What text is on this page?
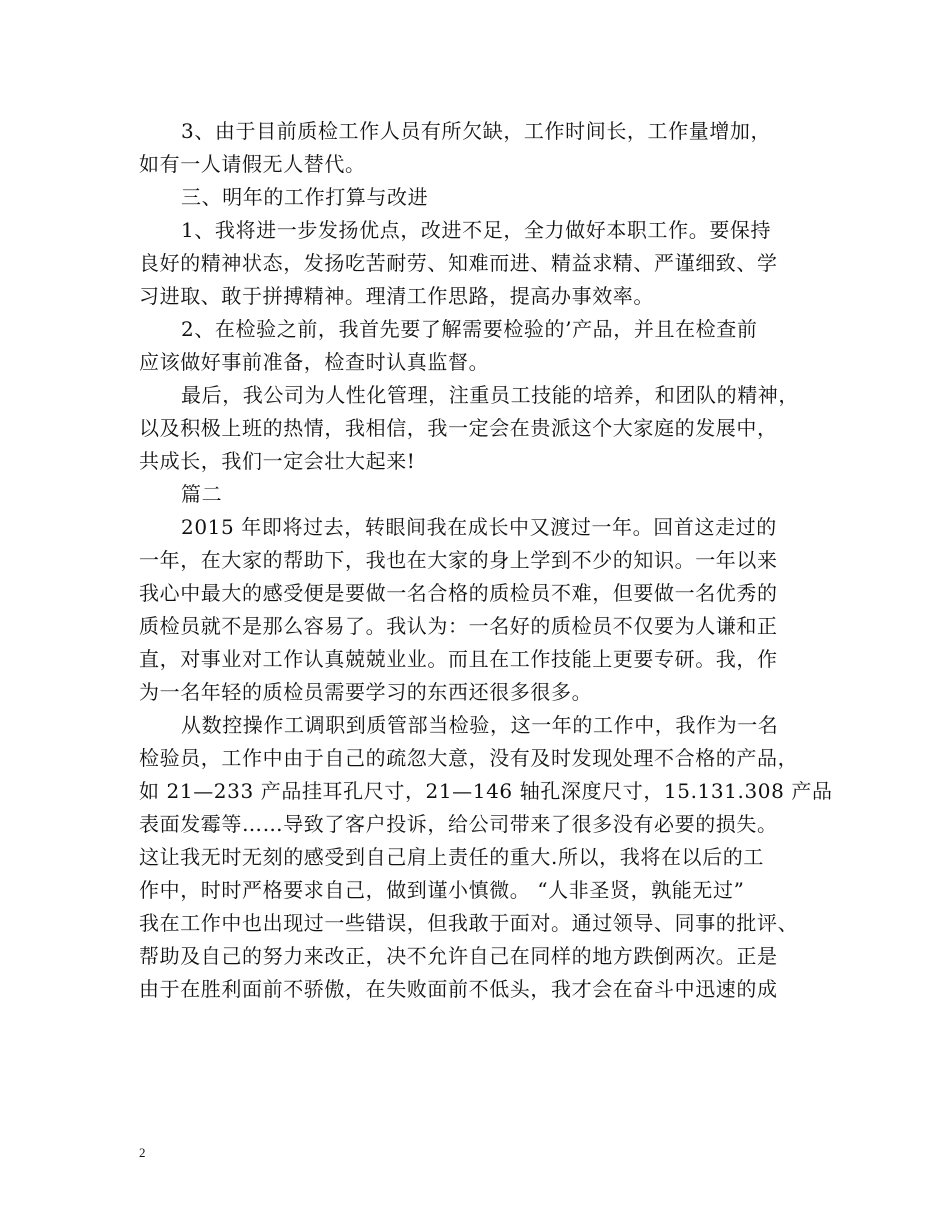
3、由于目前质检工作人员有所欠缺，工作时间长，工作量增加，
如有一人请假无人替代。
三、明年的工作打算与改进
1、我将进一步发扬优点，改进不足，全力做好本职工作。要保持
良好的精神状态，发扬吃苦耐劳、知难而进、精益求精、严谨细致、学
习进取、敢于拼搏精神。理清工作思路，提高办事效率。
2、在检验之前，我首先要了解需要检验的’产品，并且在检查前
应该做好事前准备，检查时认真监督。
最后，我公司为人性化管理，注重员工技能的培养，和团队的精神，
以及积极上班的热情，我相信，我一定会在贵派这个大家庭的发展中，
共成长，我们一定会壮大起来!
篇二
2015 年即将过去，转眼间我在成长中又渡过一年。回首这走过的
一年，在大家的帮助下，我也在大家的身上学到不少的知识。一年以来
我心中最大的感受便是要做一名合格的质检员不难，但要做一名优秀的
质检员就不是那么容易了。我认为：一名好的质检员不仅要为人谦和正
直，对事业对工作认真兢兢业业。而且在工作技能上更要专研。我，作
为一名年轻的质检员需要学习的东西还很多很多。
从数控操作工调职到质管部当检验，这一年的工作中，我作为一名
检验员，工作中由于自己的疏忽大意，没有及时发现处理不合格的产品，
如 21—233 产品挂耳孔尺寸，21—146 轴孔深度尺寸，15.131.308 产品
表面发霉等……导致了客户投诉，给公司带来了很多没有必要的损失。
这让我无时无刻的感受到自己肩上责任的重大.所以，我将在以后的工
作中，时时严格要求自己，做到谨小慎微。 “人非圣贤，孰能无过”
我在工作中也出现过一些错误，但我敢于面对。通过领导、同事的批评、
帮助及自己的努力来改正，决不允许自己在同样的地方跌倒两次。正是
由于在胜利面前不骄傲，在失败面前不低头，我才会在奋斗中迅速的成
2
